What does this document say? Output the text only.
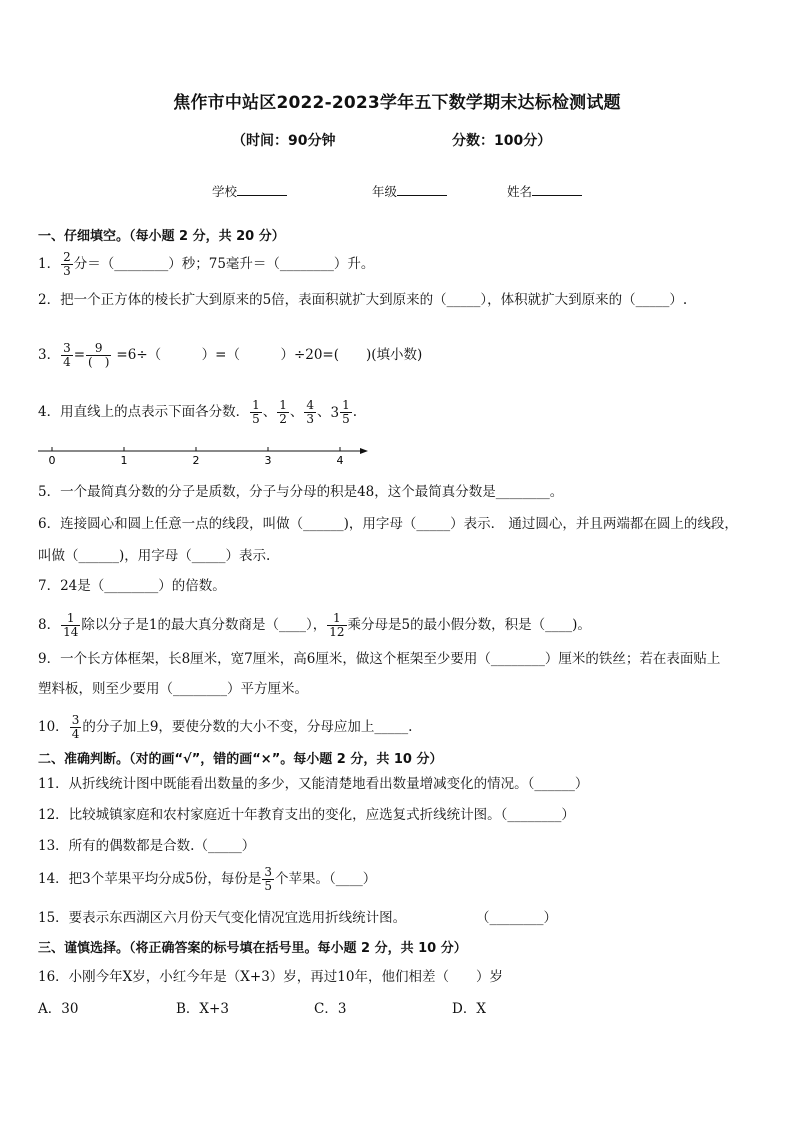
焦作市中站区2022-2023学年五下数学期末达标检测试题
（时间：90分钟	分数：100分）
学校	年级	姓名
一、仔细填空。（每小题 2 分，共 20 分）
1． $\frac{2}{3}$ 分＝（________）秒；75毫升＝（________）升。
2．把一个正方体的棱长扩大到原来的5倍，表面积就扩大到原来的（_____），体积就扩大到原来的（_____）.
3． $\frac{3}{4} = \frac{9}{( )} =6\div$（　　　）=（　　　）÷20=(　　)(填小数)
4．用直线上的点表示下面各分数． $\frac{1}{5}$ 、 $\frac{1}{2}$ 、 $\frac{4}{3}$ 、 $3 \frac{1}{5}$ .
0	1	2	3	4
5．一个最简真分数的分子是质数，分子与分母的积是48，这个最简真分数是________。
6．连接圆心和圆上任意一点的线段，叫做（______)，用字母（_____）表示． 通过圆心，并且两端都在圆上的线段，
叫做（______)，用字母（_____）表示.
7．24是（________）的倍数。
8． $\frac{1}{14}$ 除以分子是1的最大真分数商是（____）， $\frac{1}{12}$ 乘分母是5的最小假分数，积是（____)。
9．一个长方体框架，长8厘米，宽7厘米，高6厘米，做这个框架至少要用（________）厘米的铁丝；若在表面贴上
塑料板，则至少要用（________）平方厘米。
10． $\frac{3}{4}$ 的分子加上9，要使分数的大小不变，分母应加上_____.
二、准确判断。（对的画“√”，错的画“×”。每小题 2 分，共 10 分）
11．从折线统计图中既能看出数量的多少，又能清楚地看出数量增减变化的情况。（______）
12．比较城镇家庭和农村家庭近十年教育支出的变化，应选复式折线统计图。（________）
13．所有的偶数都是合数.（_____）
14．把3个苹果平均分成5份，每份是 $\frac{3}{5}$ 个苹果。（____）
15．要表示东西湖区六月份天气变化情况宜选用折线统计图。	（________）
三、谨慎选择。（将正确答案的标号填在括号里。每小题 2 分，共 10 分）
16．小刚今年X岁，小红今年是（X+3）岁，再过10年，他们相差（　　）岁
A．30	B．X+3	C．3	D．X
